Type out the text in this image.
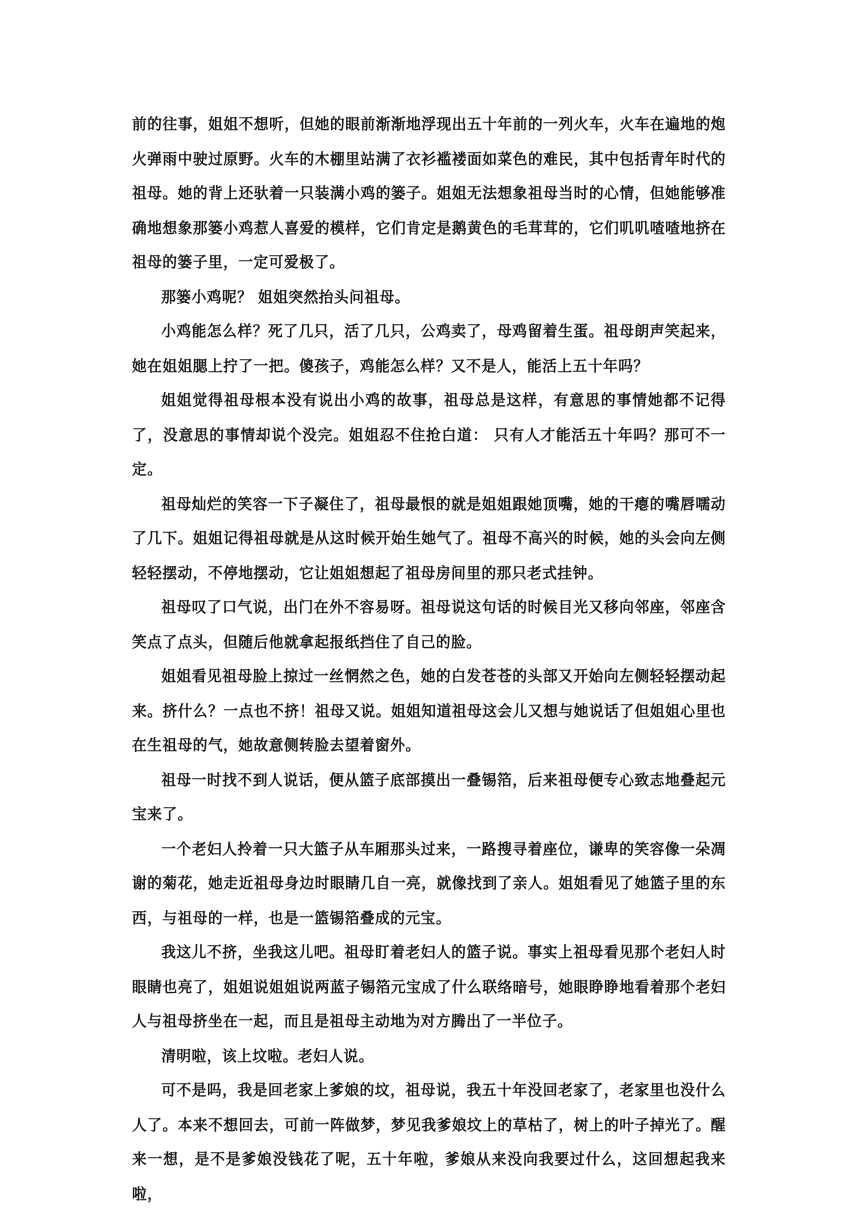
前的往事，姐姐不想听，但她的眼前渐渐地浮现出五十年前的一列火车，火车在遍地的炮火弹雨中驶过原野。火车的木棚里站满了衣衫褴褛面如菜色的难民，其中包括青年时代的祖母。她的背上还驮着一只装满小鸡的篓子。姐姐无法想象祖母当时的心情，但她能够准确地想象那篓小鸡惹人喜爱的模样，它们肯定是鹅黄色的毛茸茸的，它们叽叽喳喳地挤在祖母的篓子里，一定可爱极了。

那篓小鸡呢？ 姐姐突然抬头问祖母。

小鸡能怎么样？死了几只，活了几只，公鸡卖了，母鸡留着生蛋。祖母朗声笑起来，她在姐姐腮上拧了一把。傻孩子，鸡能怎么样？又不是人，能活上五十年吗？

姐姐觉得祖母根本没有说出小鸡的故事，祖母总是这样，有意思的事情她都不记得了，没意思的事情却说个没完。姐姐忍不住抢白道： 只有人才能活五十年吗？那可不一定。

祖母灿烂的笑容一下子凝住了，祖母最恨的就是姐姐跟她顶嘴，她的干瘪的嘴唇嚅动了几下。姐姐记得祖母就是从这时候开始生她气了。祖母不高兴的时候，她的头会向左侧轻轻摆动，不停地摆动，它让姐姐想起了祖母房间里的那只老式挂钟。

祖母叹了口气说，出门在外不容易呀。祖母说这句话的时候目光又移向邻座，邻座含笑点了点头，但随后他就拿起报纸挡住了自己的脸。

姐姐看见祖母脸上掠过一丝惘然之色，她的白发苍苍的头部又开始向左侧轻轻摆动起来。挤什么？一点也不挤！祖母又说。姐姐知道祖母这会儿又想与她说话了但姐姐心里也在生祖母的气，她故意侧转脸去望着窗外。

祖母一时找不到人说话，便从篮子底部摸出一叠锡箔，后来祖母便专心致志地叠起元宝来了。

一个老妇人拎着一只大篮子从车厢那头过来，一路搜寻着座位，谦卑的笑容像一朵凋谢的菊花，她走近祖母身边时眼睛几自一亮，就像找到了亲人。姐姐看见了她篮子里的东西，与祖母的一样，也是一篮锡箔叠成的元宝。

我这儿不挤，坐我这儿吧。祖母盯着老妇人的篮子说。事实上祖母看见那个老妇人时眼睛也亮了，姐姐说姐姐说两蓝子锡箔元宝成了什么联络暗号，她眼睁睁地看着那个老妇人与祖母挤坐在一起，而且是祖母主动地为对方腾出了一半位子。

清明啦，该上坟啦。老妇人说。

可不是吗，我是回老家上爹娘的坟，祖母说，我五十年没回老家了，老家里也没什么人了。本来不想回去，可前一阵做梦，梦见我爹娘坟上的草枯了，树上的叶子掉光了。醒来一想，是不是爹娘没钱花了呢，五十年啦，爹娘从来没向我要过什么，这回想起我来啦，
